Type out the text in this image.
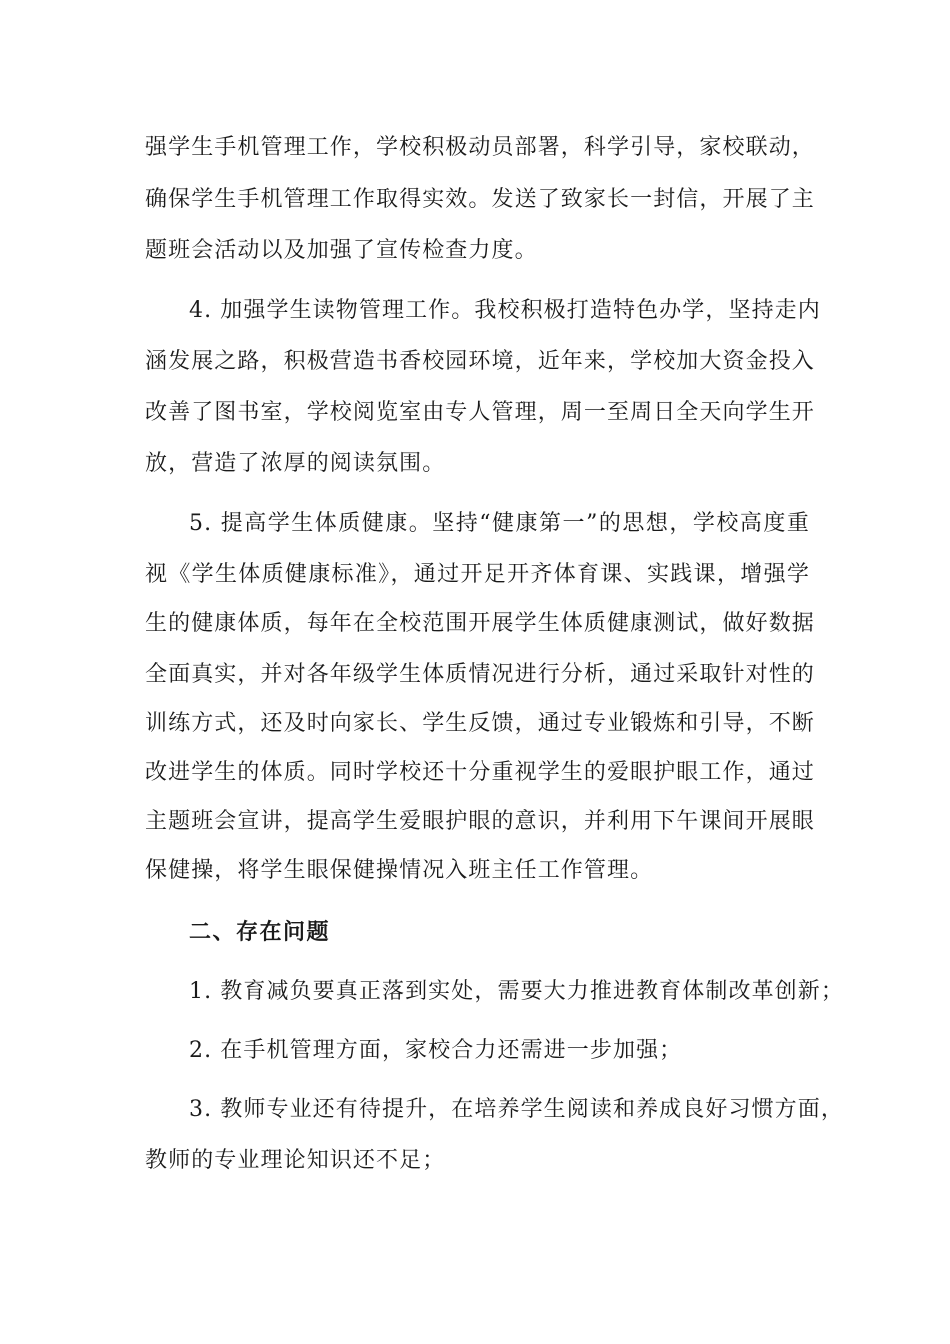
强学生手机管理工作，学校积极动员部署，科学引导，家校联动，
确保学生手机管理工作取得实效。发送了致家长一封信，开展了主
题班会活动以及加强了宣传检查力度。
4. 加强学生读物管理工作。我校积极打造特色办学，坚持走内
涵发展之路，积极营造书香校园环境，近年来，学校加大资金投入
改善了图书室，学校阅览室由专人管理，周一至周日全天向学生开
放，营造了浓厚的阅读氛围。
5. 提高学生体质健康。坚持“健康第一”的思想，学校高度重
视《学生体质健康标准》，通过开足开齐体育课、实践课，增强学
生的健康体质，每年在全校范围开展学生体质健康测试，做好数据
全面真实，并对各年级学生体质情况进行分析，通过采取针对性的
训练方式，还及时向家长、学生反馈，通过专业锻炼和引导，不断
改进学生的体质。同时学校还十分重视学生的爱眼护眼工作，通过
主题班会宣讲，提高学生爱眼护眼的意识，并利用下午课间开展眼
保健操，将学生眼保健操情况入班主任工作管理。
二、存在问题
1. 教育减负要真正落到实处，需要大力推进教育体制改革创新；
2. 在手机管理方面，家校合力还需进一步加强；
3. 教师专业还有待提升，在培养学生阅读和养成良好习惯方面，
教师的专业理论知识还不足；
